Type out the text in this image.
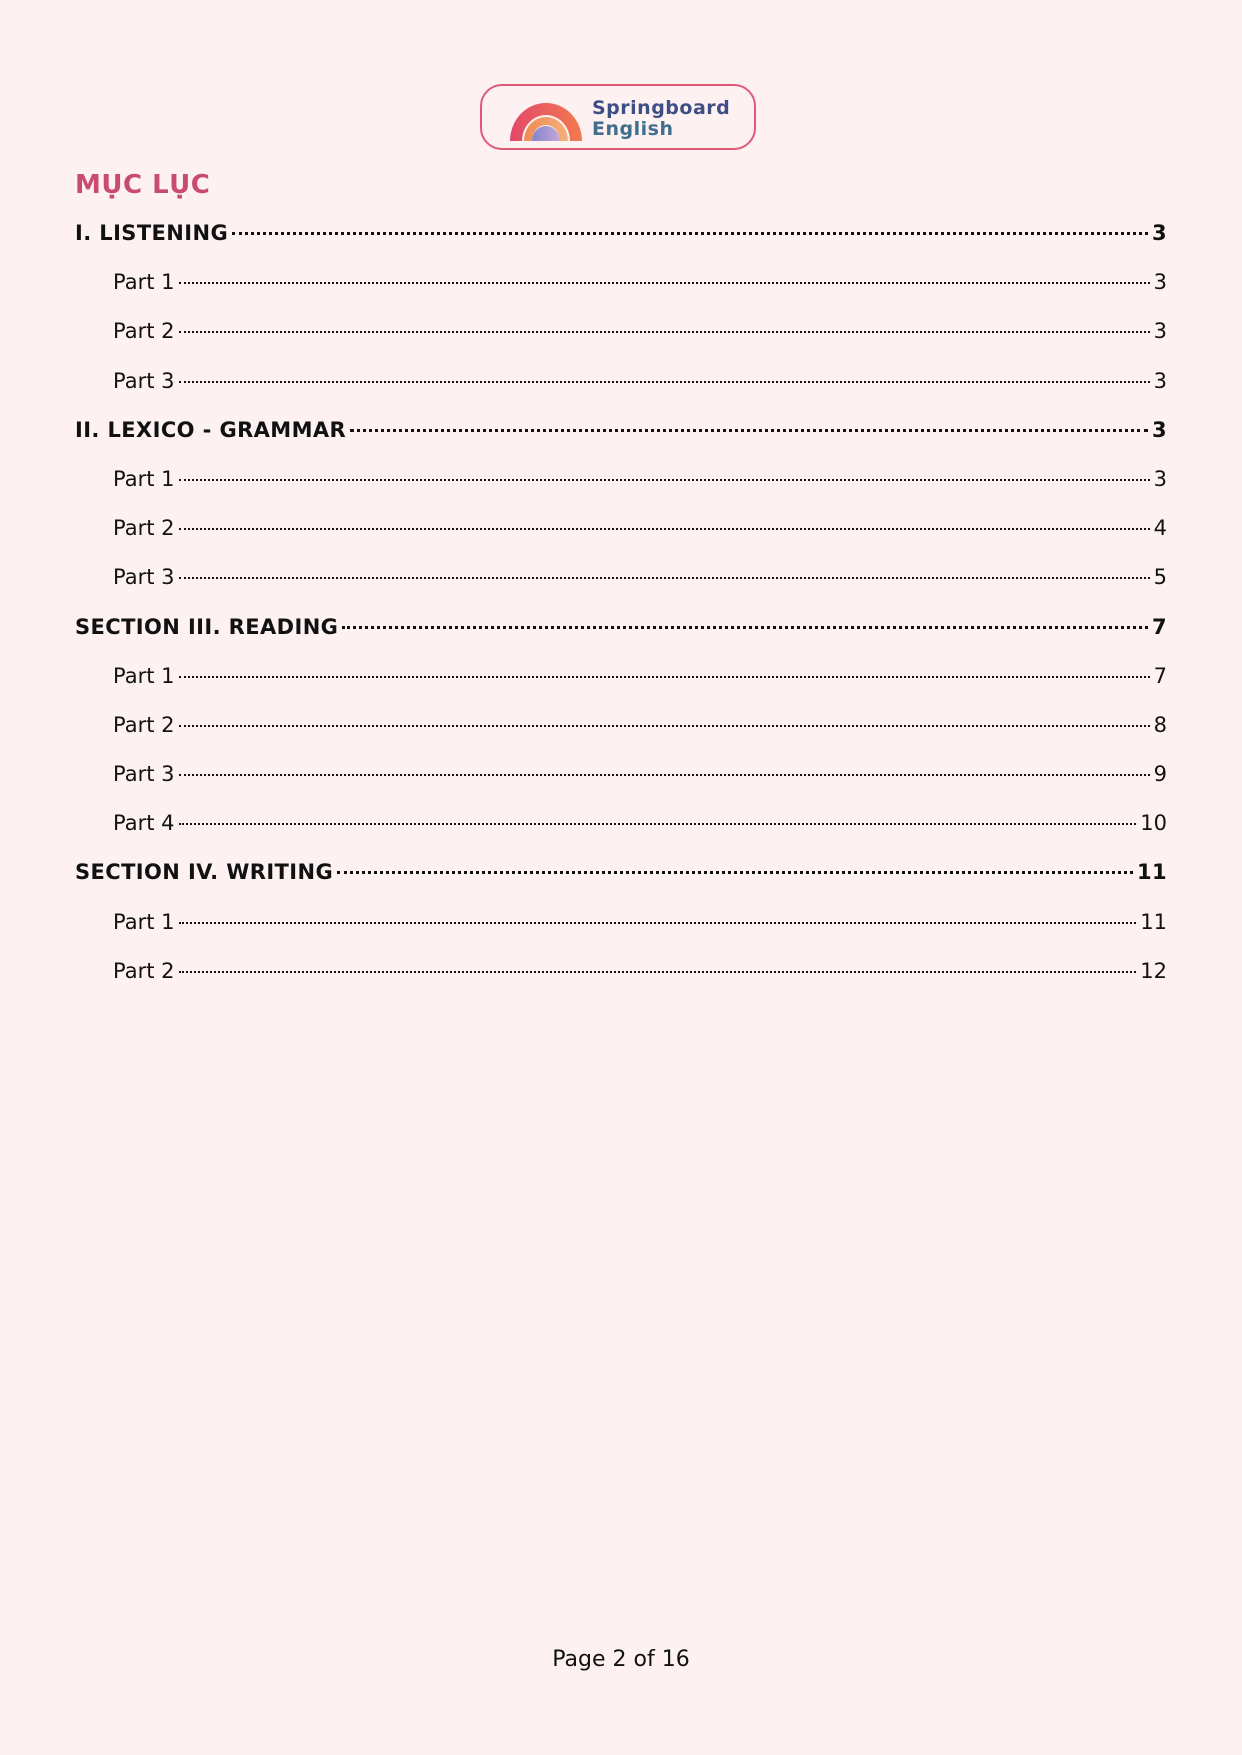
Springboard
English
MỤC LỤC
I. LISTENING	3
Part 1	3
Part 2	3
Part 3	3
II. LEXICO - GRAMMAR	3
Part 1	3
Part 2	4
Part 3	5
SECTION III. READING	7
Part 1	7
Part 2	8
Part 3	9
Part 4	10
SECTION IV. WRITING	11
Part 1	11
Part 2	12
Page 2 of 16
